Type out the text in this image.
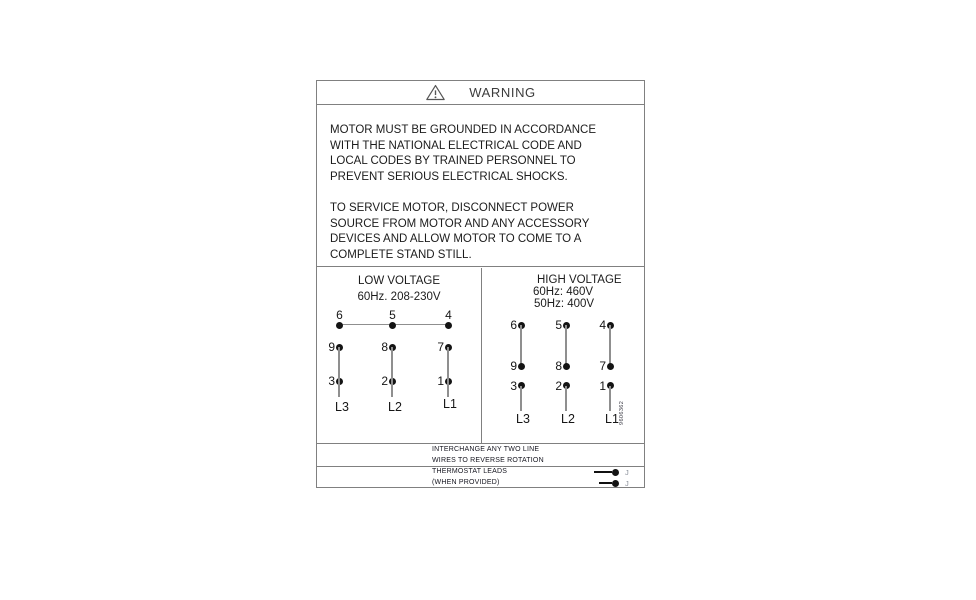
WARNING
MOTOR MUST BE GROUNDED IN ACCORDANCE
WITH THE NATIONAL ELECTRICAL CODE AND
LOCAL CODES BY TRAINED PERSONNEL TO
PREVENT SERIOUS ELECTRICAL SHOCKS.
TO SERVICE MOTOR, DISCONNECT POWER
SOURCE FROM MOTOR AND ANY ACCESSORY
DEVICES AND ALLOW MOTOR TO COME TO A
COMPLETE STAND STILL.
LOW VOLTAGE
60Hz. 208-230V
6
9
3
L3
5
8
2
L2
4
7
1
L1
HIGH VOLTAGE
60Hz: 460V
50Hz: 400V
6
9
3
L3
5
8
2
L2
4
7
1
L1 9606362
INTERCHANGE ANY TWO LINE
WIRES TO REVERSE ROTATION
THERMOSTAT LEADS
(WHEN PROVIDED)
J
J
